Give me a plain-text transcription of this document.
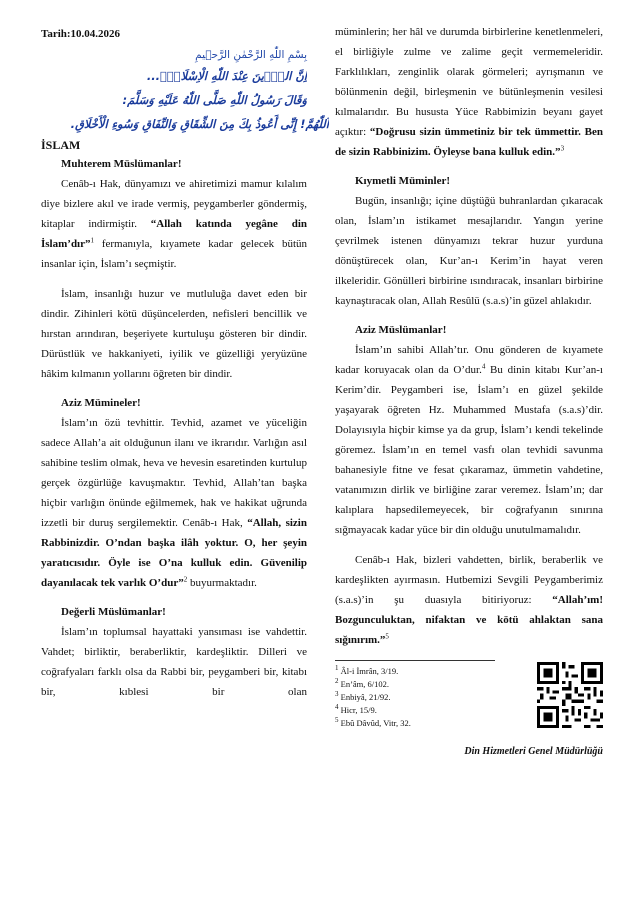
Tarih:10.04.2026
بِسْمِ اللّٰهِ الرَّحْمٰنِ الرَّحٖيمِ
اِنَّ الدّٖينَ عِنْدَ اللّٰهِ الْاِسْلَامُۚ...
وَقَالَ رَسُولُ اللّٰهِ صَلَّى اللّٰهُ عَلَيْهِ وَسَلَّمَ:
اَللّٰهُمَّ! إِنِّى أَعُوذُ بِكَ مِنَ الشِّقَاقِ وَالنِّفَاقِ وَسُوءِ الْأَخْلَاقِ.
İSLAM
Muhterem Müslümanlar!

Cenâb-ı Hak, dünyamızı ve ahiretimizi mamur kılalım diye bizlere akıl ve irade vermiş, peygamberler göndermiş, kitaplar indirmiştir. “Allah katında yegâne din İslam’dır”$^1$ fermanıyla, kıyamete kadar gelecek bütün insanlar için, İslam’ı seçmiştir.

İslam, insanlığı huzur ve mutluluğa davet eden bir dindir. Zihinleri kötü düşüncelerden, nefisleri bencillik ve hırstan arındıran, beşeriyete kurtuluşu gösteren bir dindir. Dürüstlük ve hakkaniyeti, iyilik ve güzelliği yeryüzüne hâkim kılmanın yollarını öğreten bir dindir.

Aziz Mümineler!

İslam’ın özü tevhittir. Tevhid, azamet ve yüceliğin sadece Allah’a ait olduğunun ilanı ve ikrarıdır. Varlığın asıl sahibine teslim olmak, heva ve hevesin esaretinden kurtulup gerçek özgürlüğe kavuşmaktır. Tevhid, Allah’tan başka hiçbir varlığın önünde eğilmemek, hak ve hakikat uğrunda izzetli bir duruş sergilemektir. Cenâb-ı Hak, “Allah, sizin Rabbinizdir. O’ndan başka ilâh yoktur. O, her şeyin yaratıcısıdır. Öyle ise O’na kulluk edin. Güvenilip dayanılacak tek varlık O’dur”$^2$ buyurmaktadır.

Değerli Müslümanlar!

İslam’ın toplumsal hayattaki yansıması ise vahdettir. Vahdet; birliktir, beraberliktir, kardeşliktir. Dilleri ve coğrafyaları farklı olsa da Rabbi bir, peygamberi bir, kitabı bir, kıblesi bir olan

müminlerin; her hâl ve durumda birbirlerine kenetlenmeleri, el birliğiyle zulme ve zalime geçit vermemeleridir. Farklılıkları, zenginlik olarak görmeleri; ayrışmanın ve bölünmenin değil, birleşmenin ve bütünleşmenin vesilesi kılmalarıdır. Bu hususta Yüce Rabbimizin beyanı gayet açıktır: “Doğrusu sizin ümmetiniz bir tek ümmettir. Ben de sizin Rabbinizim. Öyleyse bana kulluk edin.”$^3$

Kıymetli Müminler!

Bugün, insanlığı; içine düştüğü buhranlardan çıkaracak olan, İslam’ın istikamet mesajlarıdır. Yangın yerine çevrilmek istenen dünyamızı tekrar huzur yurduna dönüştürecek olan, Kur’an-ı Kerim’in hayat veren ilkeleridir. Gönülleri birbirine ısındıracak, insanları birbirine kaynaştıracak olan, Allah Resûlü (s.a.s)’in güzel ahlakıdır.

Aziz Müslümanlar!

İslam’ın sahibi Allah’tır. Onu gönderen de kıyamete kadar koruyacak olan da O’dur.$^4$ Bu dinin kitabı Kur’an-ı Kerim’dir. Peygamberi ise, İslam’ı en güzel şekilde yaşayarak öğreten Hz. Muhammed Mustafa (s.a.s)’dir. Dolayısıyla hiçbir kimse ya da grup, İslam’ı kendi tekelinde göremez. İslam’ın en temel vasfı olan tevhidi savunma bahanesiyle fitne ve fesat çıkaramaz, ümmetin vahdetine, vatanımızın dirlik ve birliğine zarar veremez. İslam’ın; dar kalıplara hapsedilemeyecek, bir coğrafyanın sınırına sığmayacak kadar yüce bir din olduğu unutulmamalıdır.

Cenâb-ı Hak, bizleri vahdetten, birlik, beraberlik ve kardeşlikten ayırmasın. Hutbemizi Sevgili Peygamberimiz (s.a.s)’in şu duasıyla bitiriyoruz: “Allah’ım! Bozgunculuktan, nifaktan ve kötü ahlaktan sana sığınırım.”$^5$

$^1$ Âl-i İmrân, 3/19.
$^2$ En’âm, 6/102.
$^3$ Enbiyâ, 21/92.
$^4$ Hicr, 15/9.
$^5$ Ebû Dâvûd, Vitr, 32.
Din Hizmetleri Genel Müdürlüğü
